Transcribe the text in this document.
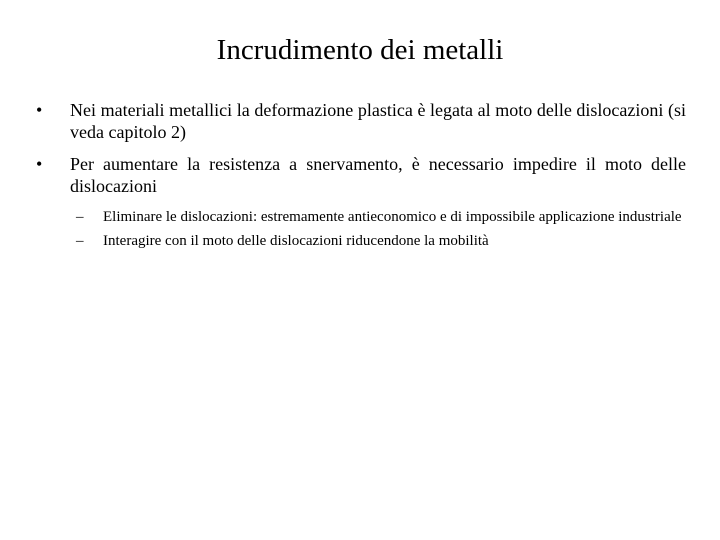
Incrudimento dei metalli
•	Nei materiali metallici la deformazione plastica è legata al moto delle dislocazioni (si veda capitolo 2)
•	Per aumentare la resistenza a snervamento, è necessario impedire il moto delle dislocazioni
– Eliminare le dislocazioni: estremamente antieconomico e di impossibile applicazione industriale
– Interagire con il moto delle dislocazioni riducendone la mobilità
